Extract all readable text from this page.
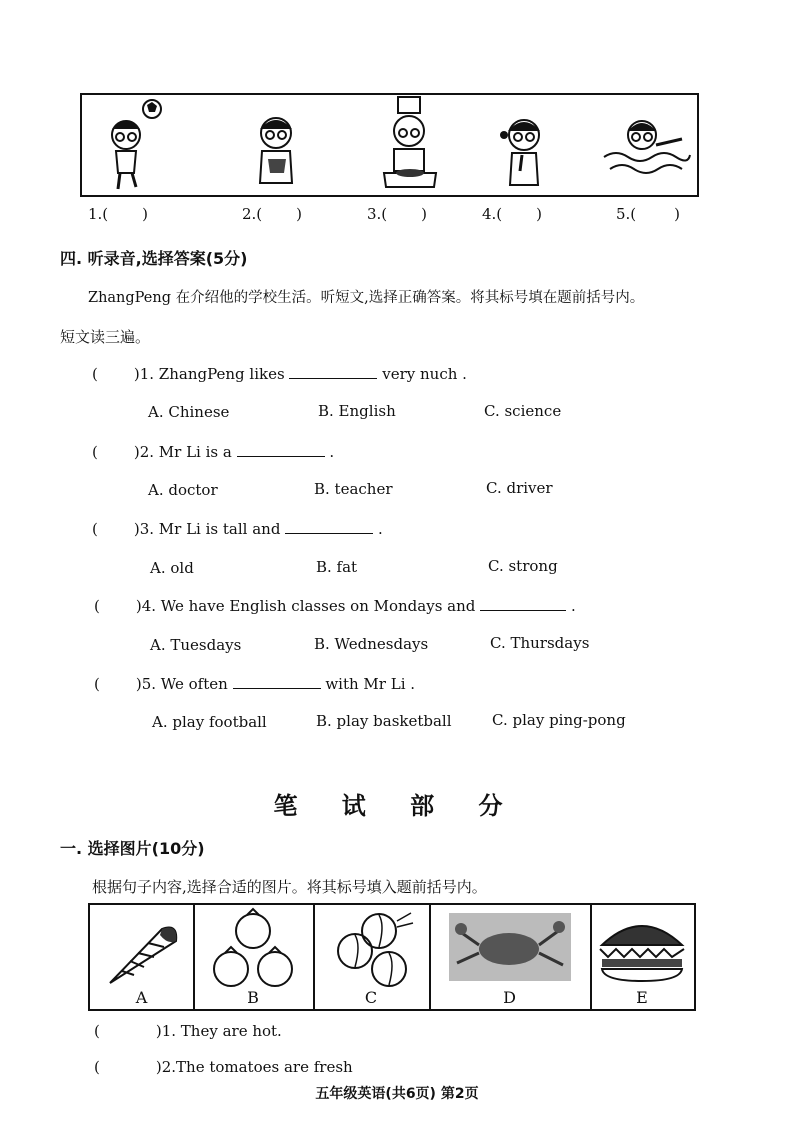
1.( )	2.( )	3.( )	4.( )	5.(	)
四. 听录音,选择答案(5分)
ZhangPeng 在介绍他的学校生活。听短文,选择正确答案。将其标号填在题前括号内。
短文读三遍。
( )1. ZhangPeng likes	very nuch .
A. Chinese	B. English	C. science
( )2. Mr Li is a	.
A. doctor	B. teacher	C. driver
( )3. Mr Li is tall and	.
A. old	B. fat	C. strong
( )4. We have English classes on Mondays and	.
A. Tuesdays	B. Wednesdays	C. Thursdays
( )5. We often	with Mr Li .
A. play football	B. play basketball	C. play ping-pong
笔 试 部 分
一. 选择图片(10分)
根据句子内容,选择合适的图片。将其标号填入题前括号内。
A	B	C	D	E
(	)1. They are hot.
(	)2.The tomatoes are fresh
五年级英语(共6页) 第2页
